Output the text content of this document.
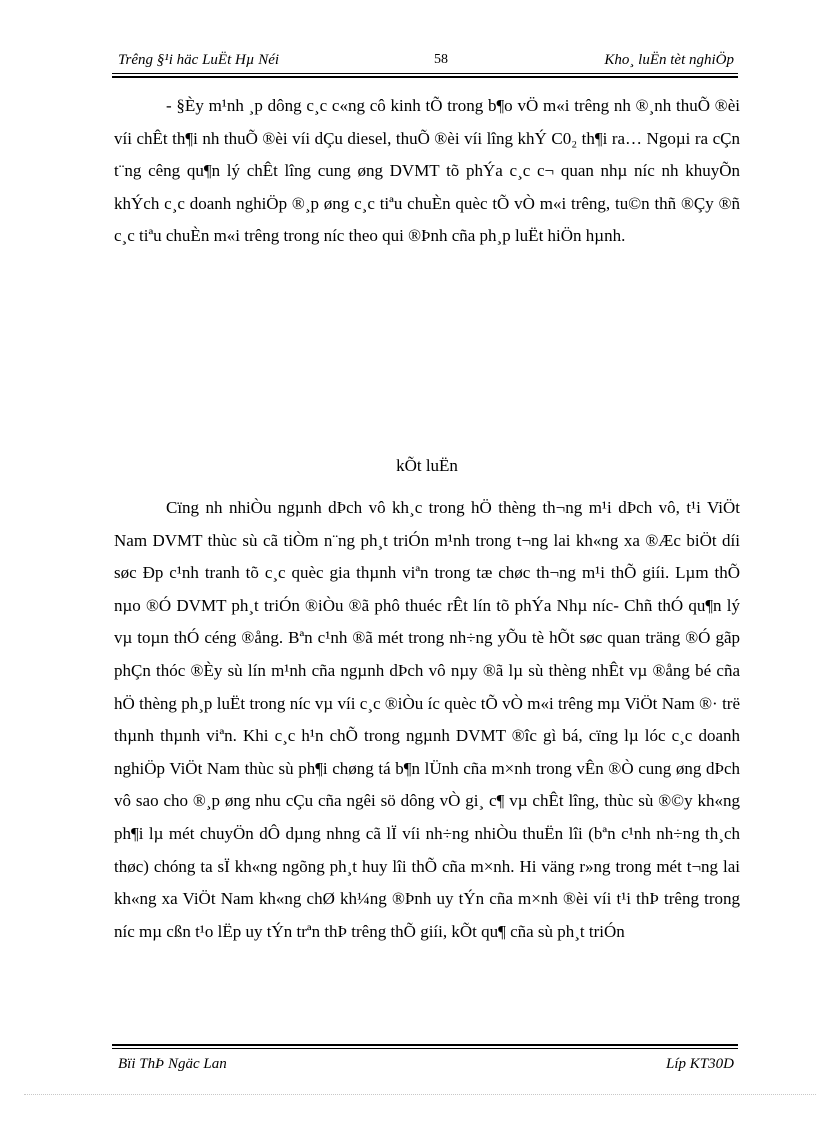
Trêng §¹i häc LuËt Hµ Néi	58	Kho¸ luËn tèt nghiÖp

- §Èy m¹nh ¸p dông c¸c c«ng cô kinh tÕ trong b¶o vÖ m«i trêng nh ®¸nh thuÕ ®èi víi chÊt th¶i nh thuÕ ®èi víi dÇu diesel, thuÕ ®èi víi lîng khÝ C0₂ th¶i ra… Ngoµi ra cÇn t¨ng cêng qu¶n lý chÊt lîng cung øng DVMT tõ phÝa c¸c c¬ quan nhµ níc nh khuyÕn khÝch c¸c doanh nghiÖp ®¸p øng c¸c tiªu chuÈn quèc tÕ vÒ m«i trêng, tu©n thñ ®Çy ®ñ c¸c tiªu chuÈn m«i trêng trong níc theo qui ®Þnh cña ph¸p luËt hiÖn hµnh.

kÕt luËn

Cïng nh nhiÒu ngµnh dÞch vô kh¸c trong hÖ thèng th¬ng m¹i dÞch vô, t¹i ViÖt Nam DVMT thùc sù cã tiÒm n¨ng ph¸t triÓn m¹nh trong t¬ng lai kh«ng xa ®Æc biÖt díi søc Ðp c¹nh tranh tõ c¸c quèc gia thµnh viªn trong tæ chøc th¬ng m¹i thÕ giíi. Lµm thÕ nµo ®Ó DVMT ph¸t triÓn ®iÒu ®ã phô thuéc rÊt lín tõ phÝa Nhµ níc- Chñ thÓ qu¶n lý vµ toµn thÓ céng ®ång. Bªn c¹nh ®ã mét trong nh÷ng yÕu tè hÕt søc quan träng ®Ó gãp phÇn thóc ®Èy sù lín m¹nh cña ngµnh dÞch vô nµy ®ã lµ sù thèng nhÊt vµ ®ång bé cña hÖ thèng ph¸p luËt trong níc vµ víi c¸c ®iÒu íc quèc tÕ vÒ m«i trêng mµ ViÖt Nam ®· trë thµnh thµnh viªn. Khi c¸c h¹n chÕ trong ngµnh DVMT ®îc gì bá, cïng lµ lóc c¸c doanh nghiÖp ViÖt Nam thùc sù ph¶i chøng tá b¶n lÜnh cña m×nh trong vÊn ®Ò cung øng dÞch vô sao cho ®¸p øng nhu cÇu cña ngêi sö dông vÒ gi¸ c¶ vµ chÊt lîng, thùc sù ®©y kh«ng ph¶i lµ mét chuyÖn dÔ dµng nhng cã lÏ víi nh÷ng nhiÒu thuËn lîi (bªn c¹nh nh÷ng th¸ch thøc) chóng ta sÏ kh«ng ngõng ph¸t huy lîi thÕ cña m×nh. Hi väng r»ng trong mét t¬ng lai kh«ng xa ViÖt Nam kh«ng chØ kh¼ng ®Þnh uy tÝn cña m×nh ®èi víi t¹i thÞ trêng trong níc mµ cßn t¹o lËp uy tÝn trªn thÞ trêng thÕ giíi, kÕt qu¶ cña sù ph¸t triÓn

Bïi ThÞ Ngäc Lan	Líp KT30D
